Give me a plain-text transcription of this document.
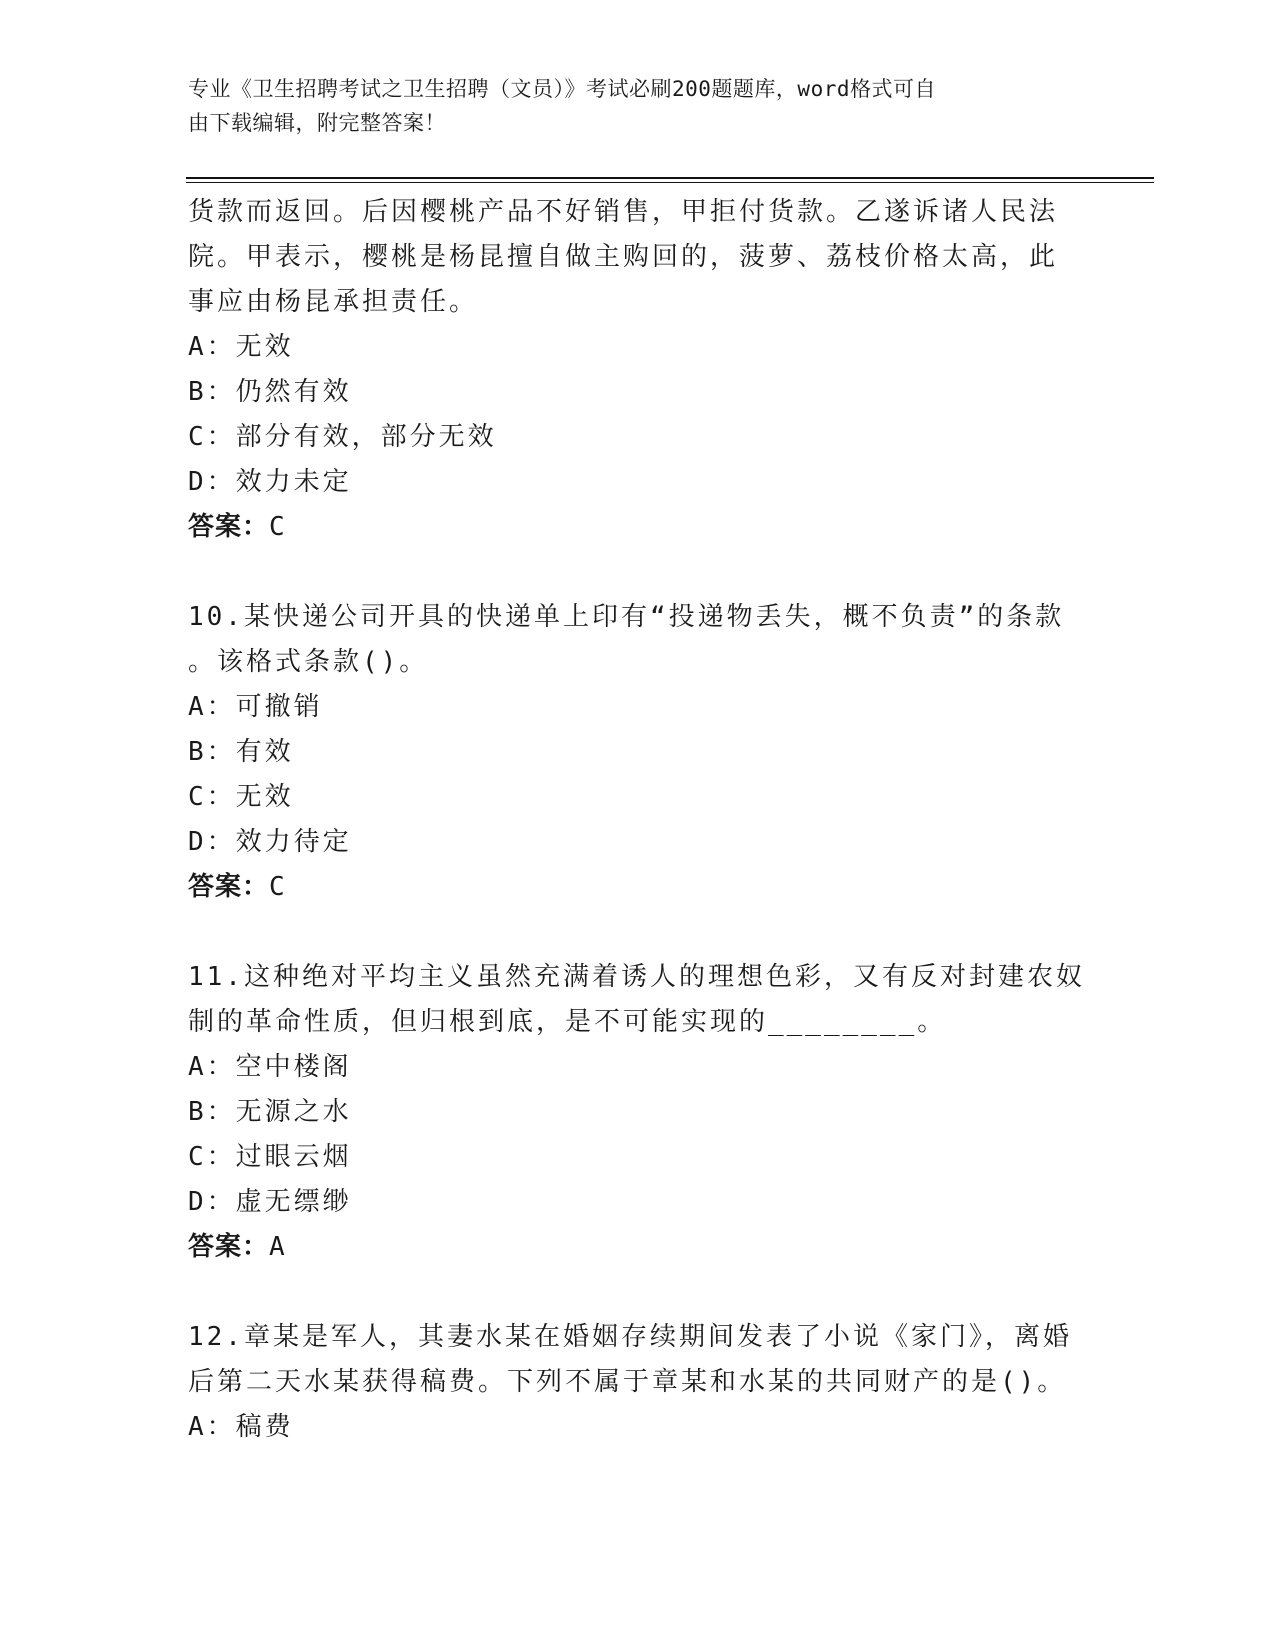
专业《卫生招聘考试之卫生招聘（文员）》考试必刷200题题库，word格式可自
由下载编辑，附完整答案！
货款而返回。后因樱桃产品不好销售，甲拒付货款。乙遂诉诸人民法
院。甲表示，樱桃是杨昆擅自做主购回的，菠萝、荔枝价格太高，此
事应由杨昆承担责任。
A：无效
B：仍然有效
C：部分有效，部分无效
D：效力未定
答案：C
10.某快递公司开具的快递单上印有“投递物丢失，概不负责”的条款
。该格式条款()。
A：可撤销
B：有效
C：无效
D：效力待定
答案：C
11.这种绝对平均主义虽然充满着诱人的理想色彩，又有反对封建农奴
制的革命性质，但归根到底，是不可能实现的________。
A：空中楼阁
B：无源之水
C：过眼云烟
D：虚无缥缈
答案：A
12.章某是军人，其妻水某在婚姻存续期间发表了小说《家门》，离婚
后第二天水某获得稿费。下列不属于章某和水某的共同财产的是()。
A：稿费
